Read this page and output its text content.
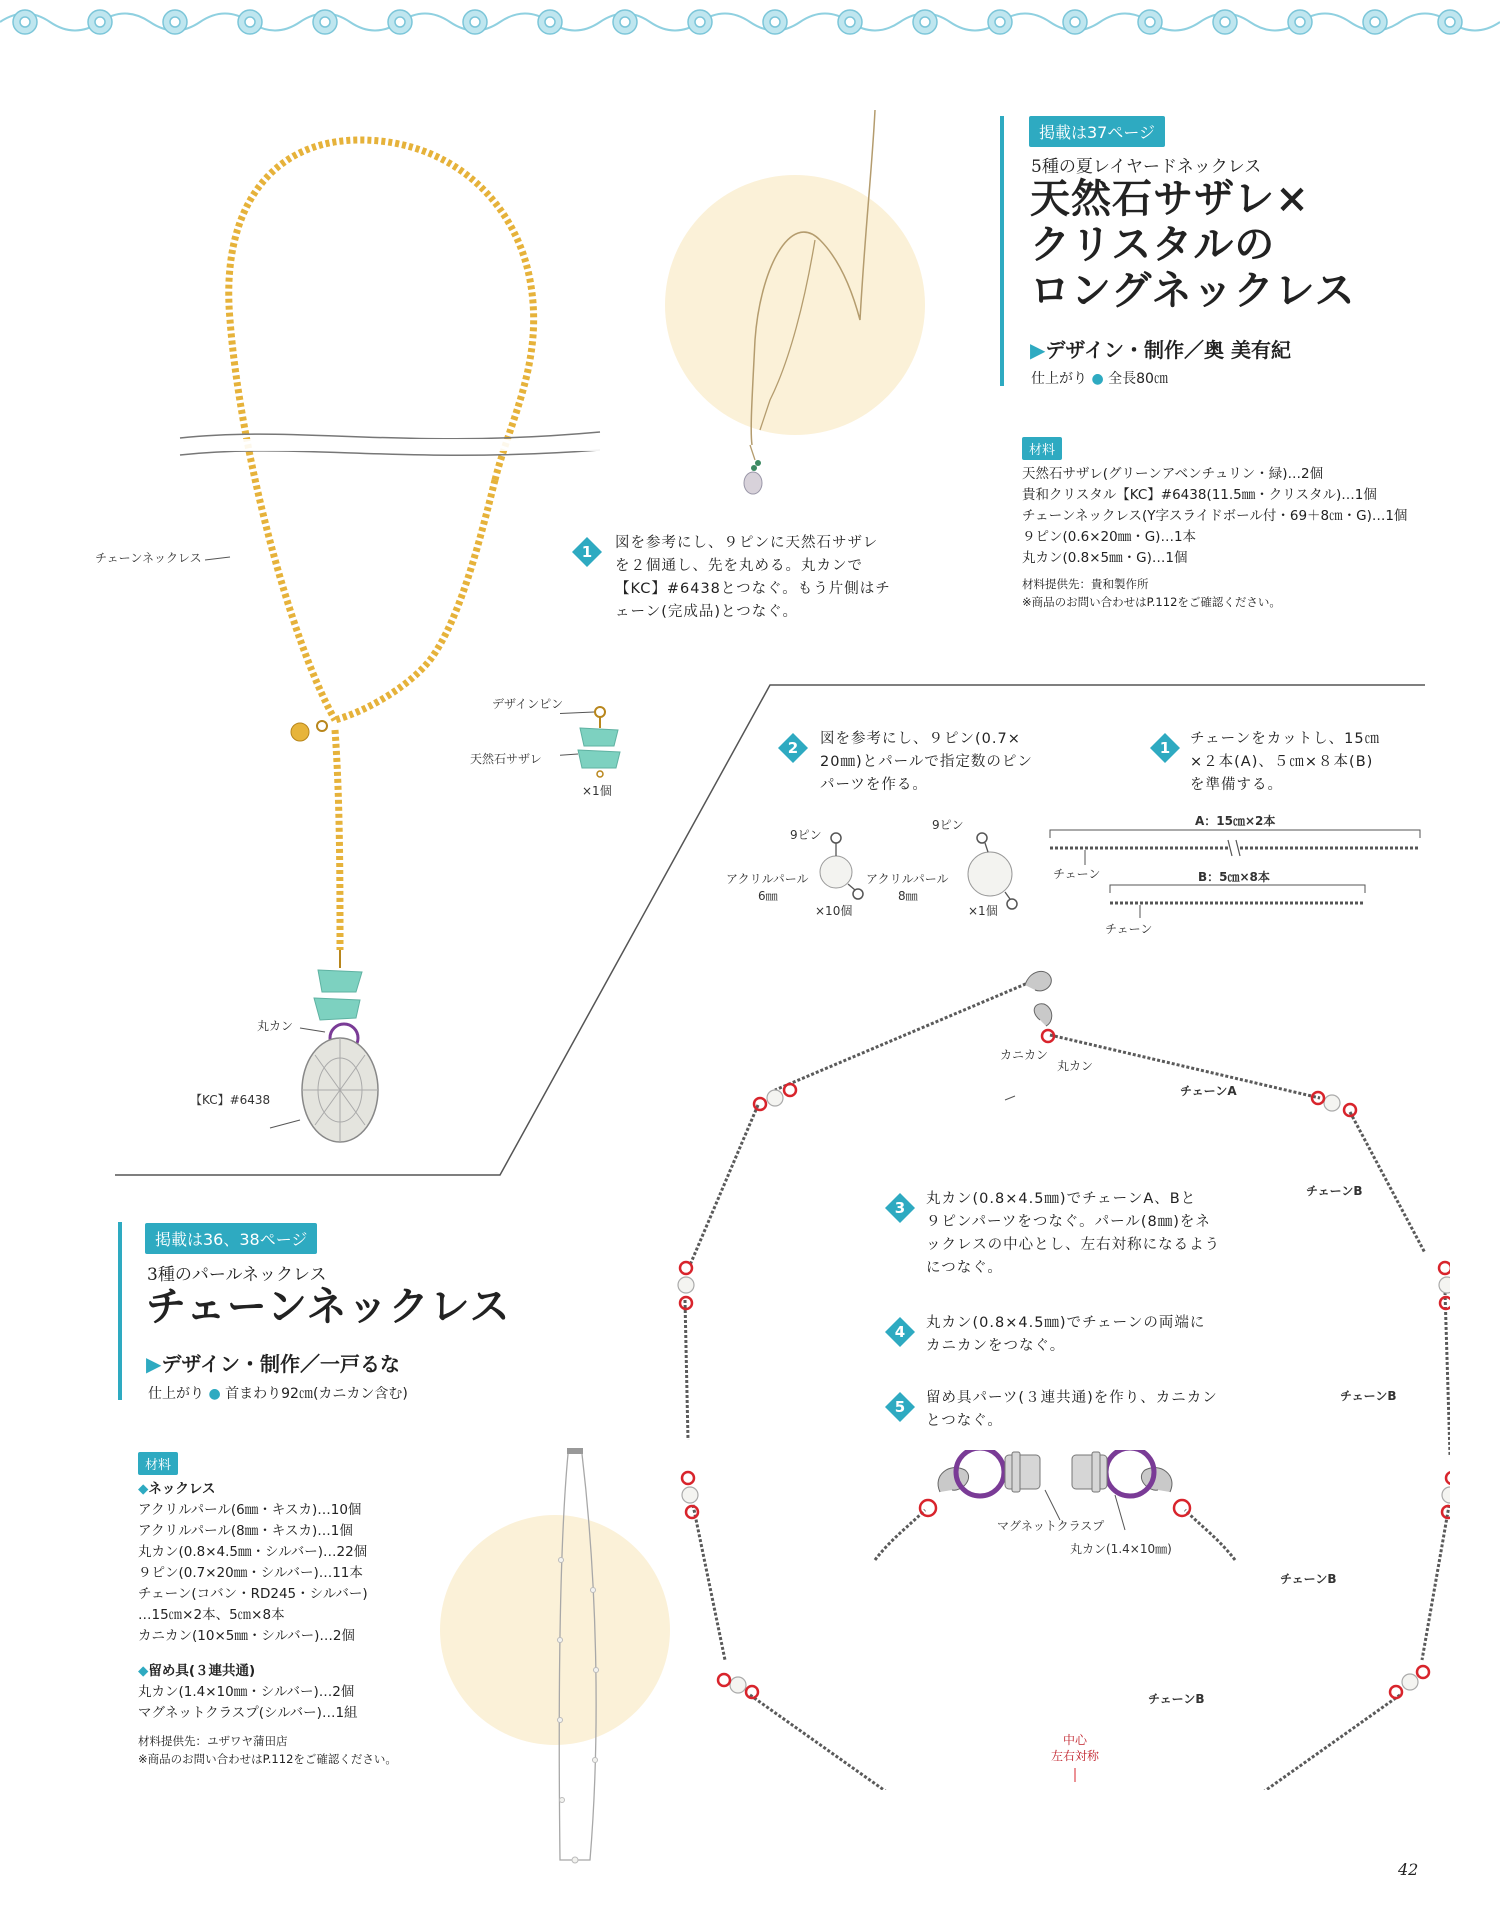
掲載は37ページ
5種の夏レイヤードネックレス
天然石サザレ×
クリスタルの
ロングネックレス
▶デザイン・制作／奥 美有紀
仕上がり ● 全長80㎝
材料
天然石サザレ(グリーンアベンチュリン・緑)…2個
貴和クリスタル【KC】#6438(11.5㎜・クリスタル)…1個
チェーンネックレス(Y字スライドボール付・69＋8㎝・G)…1個
９ピン(0.6×20㎜・G)…1本
丸カン(0.8×5㎜・G)…1個
材料提供先：貴和製作所
※商品のお問い合わせはP.112をご確認ください。
チェーンネックレス
丸カン
【KC】#6438
デザインピン
天然石サザレ
×1個
1	図を参考にし、９ピンに天然石サザレ
を２個通し、先を丸める。丸カンで
【KC】#6438とつなぐ。もう片側はチ
ェーン(完成品)とつなぐ。
掲載は36、38ページ
3種のパールネックレス
チェーンネックレス
▶デザイン・制作／一戸るな
仕上がり ● 首まわり92㎝(カニカン含む)
材料
◆ネックレス
アクリルパール(6㎜・キスカ)…10個
アクリルパール(8㎜・キスカ)…1個
丸カン(0.8×4.5㎜・シルバー)…22個
９ピン(0.7×20㎜・シルバー)…11本
チェーン(コバン・RD245・シルバー)
…15㎝×2本、5㎝×8本
カニカン(10×5㎜・シルバー)…2個
◆留め具(３連共通)
丸カン(1.4×10㎜・シルバー)…2個
マグネットクラスプ(シルバー)…1組
材料提供先：ユザワヤ蒲田店
※商品のお問い合わせはP.112をご確認ください。
2	図を参考にし、９ピン(0.7×
20㎜)とパールで指定数のピン
パーツを作る。
1	チェーンをカットし、15㎝
×２本(A)、５㎝×８本(B)
を準備する。
A：15㎝×2本
チェーン	B：5㎝×8本
チェーン
9ピン
アクリルパール
6㎜
×10個
9ピン
アクリルパール
8㎜
×1個
カニカン
丸カン
チェーンA
チェーンB
チェーンB
チェーンB
チェーンB
中心
左右対称
3	丸カン(0.8×4.5㎜)でチェーンA、Bと
９ピンパーツをつなぐ。パール(8㎜)をネ
ックレスの中心とし、左右対称になるよう
につなぐ。
4	丸カン(0.8×4.5㎜)でチェーンの両端に
カニカンをつなぐ。
5	留め具パーツ(３連共通)を作り、カニカン
とつなぐ。
マグネットクラスプ
丸カン(1.4×10㎜)
42
